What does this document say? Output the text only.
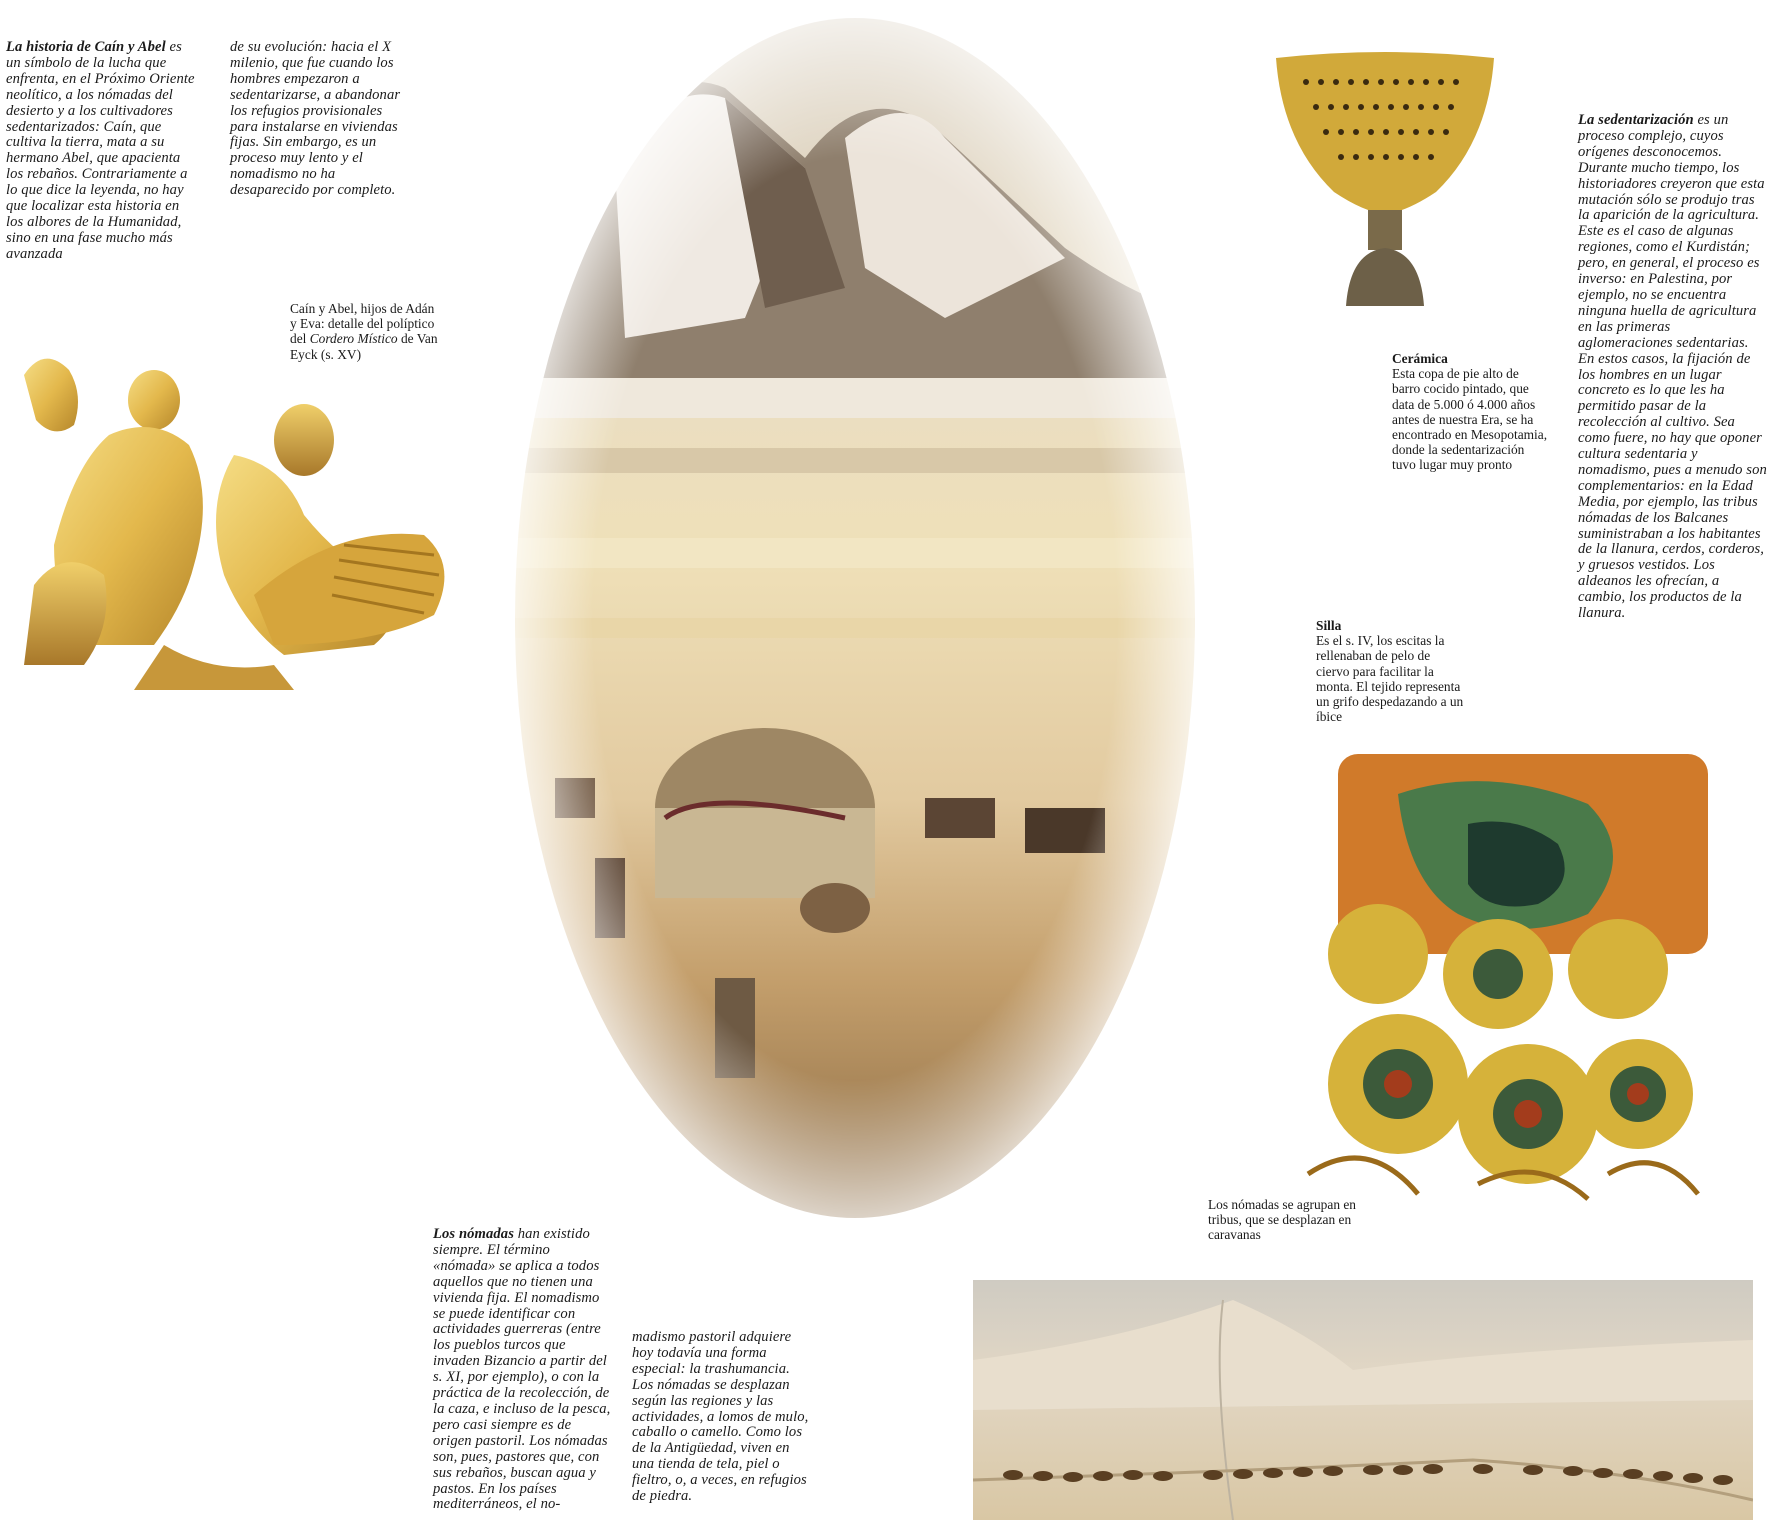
La historia de Caín y Abel es un símbolo de la lucha que enfrenta, en el Próximo Oriente neolítico, a los nómadas del desierto y a los cultivadores sedentarizados: Caín, que cultiva la tierra, mata a su hermano Abel, que apacienta los rebaños. Contrariamente a lo que dice la leyenda, no hay que localizar esta historia en los albores de la Humanidad, sino en una fase mucho más avanzada
de su evolución: hacia el X milenio, que fue cuando los hombres empezaron a sedentarizarse, a abandonar los refugios provisionales para instalarse en viviendas fijas. Sin embargo, es un proceso muy lento y el nomadismo no ha desaparecido por completo.
Caín y Abel, hijos de Adán y Eva: detalle del políptico del Cordero Místico de Van Eyck (s. XV)	Cerámica
Esta copa de pie alto de barro cocido pintado, que data de 5.000 ó 4.000 años antes de nuestra Era, se ha encontrado en Mesopotamia, donde la sedentarización tuvo lugar muy pronto
La sedentarización es un proceso complejo, cuyos orígenes desconocemos. Durante mucho tiempo, los historiadores creyeron que esta mutación sólo se produjo tras la aparición de la agricultura. Este es el caso de algunas regiones, como el Kurdistán; pero, en general, el proceso es inverso: en Palestina, por ejemplo, no se encuentra ninguna huella de agricultura en las primeras aglomeraciones sedentarias. En estos casos, la fijación de los hombres en un lugar concreto es lo que les ha permitido pasar de la recolección al cultivo. Sea como fuere, no hay que oponer cultura sedentaria y nomadismo, pues a menudo son complementarios: en la Edad Media, por ejemplo, las tribus nómadas de los Balcanes suministraban a los habitantes de la llanura, cerdos, corderos, y gruesos vestidos. Los aldeanos les ofrecían, a cambio, los productos de la llanura.
Silla
Es el s. IV, los escitas la rellenaban de pelo de ciervo para facilitar la monta. El tejido representa un grifo despedazando a un íbice
Los nómadas se agrupan en tribus, que se desplazan en caravanas
Los nómadas han existido siempre. El término «nómada» se aplica a todos aquellos que no tienen una vivienda fija. El nomadismo se puede identificar con actividades guerreras (entre los pueblos turcos que invaden Bizancio a partir del s. XI, por ejemplo), o con la práctica de la recolección, de la caza, e incluso de la pesca, pero casi siempre es de origen pastoril. Los nómadas son, pues, pastores que, con sus rebaños, buscan agua y pastos. En los países mediterráneos, el no-
madismo pastoril adquiere hoy todavía una forma especial: la trashumancia. Los nómadas se desplazan según las regiones y las actividades, a lomos de mulo, caballo o camello. Como los de la Antigüedad, viven en una tienda de tela, piel o fieltro, o, a veces, en refugios de piedra.
